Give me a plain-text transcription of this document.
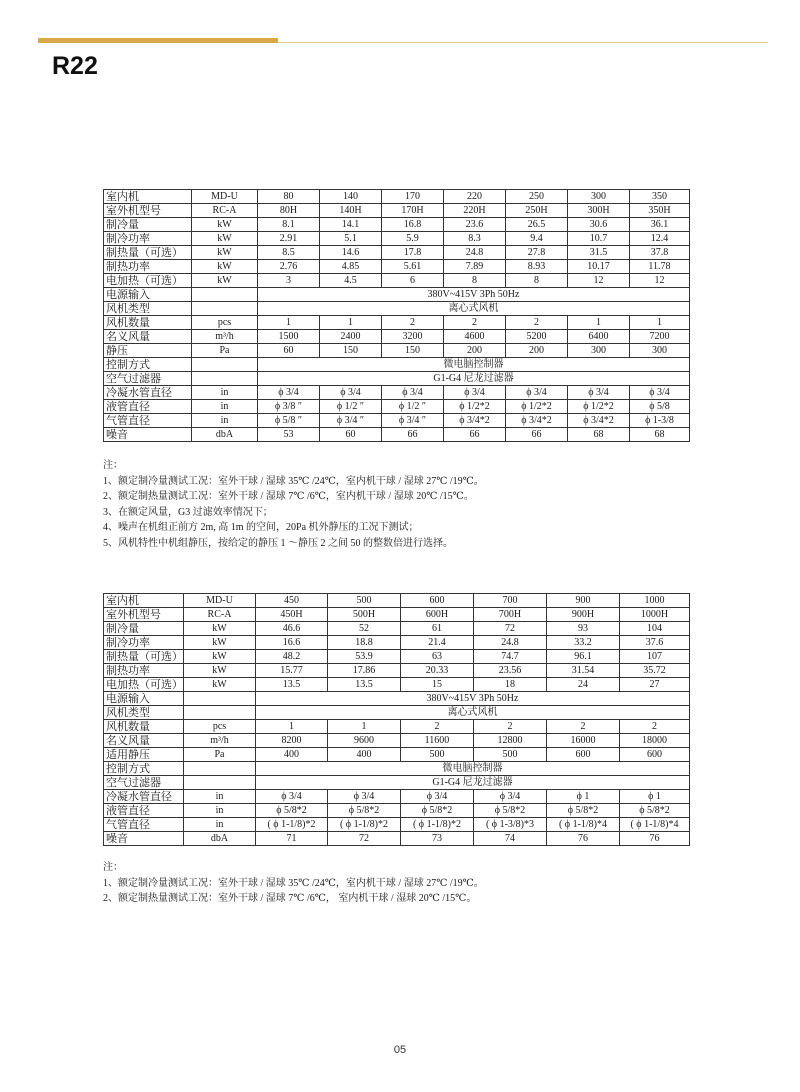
R22
室内机	MD-U	80	140	170	220	250	300	350
室外机型号	RC-A	80H	140H	170H	220H	250H	300H	350H
制冷量	kW	8.1	14.1	16.8	23.6	26.5	30.6	36.1
制冷功率	kW	2.91	5.1	5.9	8.3	9.4	10.7	12.4
制热量（可选）	kW	8.5	14.6	17.8	24.8	27.8	31.5	37.8
制热功率	kW	2.76	4.85	5.61	7.89	8.93	10.17	11.78
电加热（可选）	kW	3	4.5	6	8	8	12	12
电源输入		380V~415V 3Ph 50Hz						
风机类型		离心式风机						
风机数量	pcs	1	1	2	2	2	1	1
名义风量	m³/h	1500	2400	3200	4600	5200	6400	7200
静压	Pa	60	150	150	200	200	300	300
控制方式		微电脑控制器						
空气过滤器		G1-G4 尼龙过滤器						
冷凝水管直径	in	ϕ 3/4	ϕ 3/4	ϕ 3/4	ϕ 3/4	ϕ 3/4	ϕ 3/4	ϕ 3/4
液管直径	in	ϕ 3/8 ″	ϕ 1/2 ″	ϕ 1/2 ″	ϕ 1/2*2	ϕ 1/2*2	ϕ 1/2*2	ϕ 5/8
气管直径	in	ϕ 5/8 ″	ϕ 3/4 ″	ϕ 3/4 ″	ϕ 3/4*2	ϕ 3/4*2	ϕ 3/4*2	ϕ 1-3/8
噪音	dbA	53	60	66	66	66	68	68
注：
1、额定制冷量测试工况：室外干球 / 湿球 35℃ /24℃，室内机干球 / 湿球 27℃ /19℃。
2、额定制热量测试工况：室外干球 / 湿球 7℃ /6℃，室内机干球 / 湿球 20℃ /15℃。
3、在额定风量，G3 过滤效率情况下；
4、噪声在机组正前方 2m, 高 1m 的空间，20Pa 机外静压的工况下测试；
5、风机特性中机组静压，按给定的静压 1 ～静压 2 之间 50 的整数倍进行选择。
室内机	MD-U	450	500	600	700	900	1000
室外机型号	RC-A	450H	500H	600H	700H	900H	1000H
制冷量	kW	46.6	52	61	72	93	104
制冷功率	kW	16.6	18.8	21.4	24.8	33.2	37.6
制热量（可选）	kW	48.2	53.9	63	74.7	96.1	107
制热功率	kW	15.77	17.86	20.33	23.56	31.54	35.72
电加热（可选）	kW	13.5	13.5	15	18	24	27
电源输入		380V~415V 3Ph 50Hz					
风机类型		离心式风机					
风机数量	pcs	1	1	2	2	2	2
名义风量	m³/h	8200	9600	11600	12800	16000	18000
适用静压	Pa	400	400	500	500	600	600
控制方式		微电脑控制器					
空气过滤器		G1-G4 尼龙过滤器					
冷凝水管直径	in	ϕ 3/4	ϕ 3/4	ϕ 3/4	ϕ 3/4	ϕ 1	ϕ 1
液管直径	in	ϕ 5/8*2	ϕ 5/8*2	ϕ 5/8*2	ϕ 5/8*2	ϕ 5/8*2	ϕ 5/8*2
气管直径	in	( ϕ 1-1/8)*2	( ϕ 1-1/8)*2	( ϕ 1-1/8)*2	( ϕ 1-3/8)*3	( ϕ 1-1/8)*4	( ϕ 1-1/8)*4
噪音	dbA	71	72	73	74	76	76
注：
1、额定制冷量测试工况：室外干球 / 湿球 35℃ /24℃，室内机干球 / 湿球 27℃ /19℃。
2、额定制热量测试工况：室外干球 / 湿球 7℃ /6℃， 室内机干球 / 湿球 20℃ /15℃。
05
